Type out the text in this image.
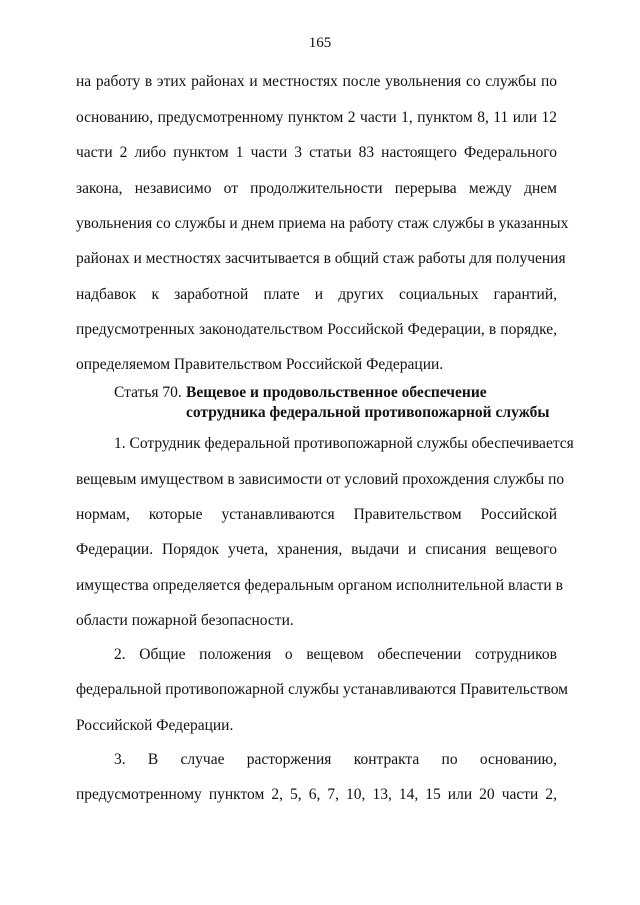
165
на работу в этих районах и местностях после увольнения со службы по
основанию, предусмотренному пунктом 2 части 1, пунктом 8, 11 или 12
части 2 либо пунктом 1 части 3 статьи 83 настоящего Федерального
закона, независимо от продолжительности перерыва между днем
увольнения со службы и днем приема на работу стаж службы в указанных
районах и местностях засчитывается в общий стаж работы для получения
надбавок к заработной плате и других социальных гарантий,
предусмотренных законодательством Российской Федерации, в порядке,
определяемом Правительством Российской Федерации.
Статья 70. Вещевое и продовольственное обеспечение
сотрудника федеральной противопожарной службы
1. Сотрудник федеральной противопожарной службы обеспечивается
вещевым имуществом в зависимости от условий прохождения службы по
нормам, которые устанавливаются Правительством Российской
Федерации. Порядок учета, хранения, выдачи и списания вещевого
имущества определяется федеральным органом исполнительной власти в
области пожарной безопасности.
2. Общие положения о вещевом обеспечении сотрудников
федеральной противопожарной службы устанавливаются Правительством
Российской Федерации.
3. В случае расторжения контракта по основанию,
предусмотренному пунктом 2, 5, 6, 7, 10, 13, 14, 15 или 20 части 2,
